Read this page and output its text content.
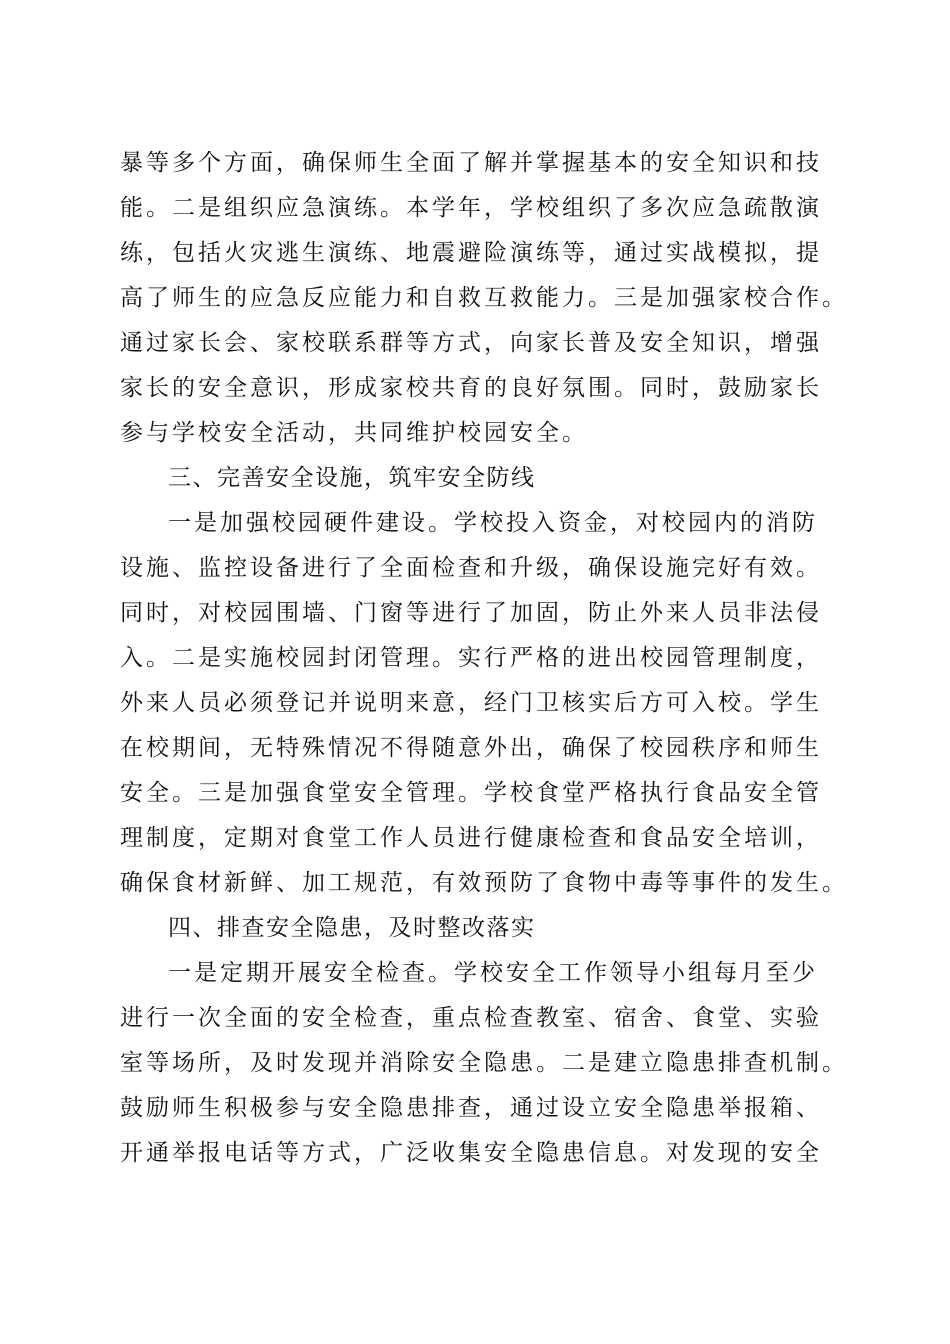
暴等多个方面，确保师生全面了解并掌握基本的安全知识和技
能。二是组织应急演练。本学年，学校组织了多次应急疏散演
练，包括火灾逃生演练、地震避险演练等，通过实战模拟，提
高了师生的应急反应能力和自救互救能力。三是加强家校合作。
通过家长会、家校联系群等方式，向家长普及安全知识，增强
家长的安全意识，形成家校共育的良好氛围。同时，鼓励家长
参与学校安全活动，共同维护校园安全。
三、完善安全设施，筑牢安全防线
一是加强校园硬件建设。学校投入资金，对校园内的消防
设施、监控设备进行了全面检查和升级，确保设施完好有效。
同时，对校园围墙、门窗等进行了加固，防止外来人员非法侵
入。二是实施校园封闭管理。实行严格的进出校园管理制度，
外来人员必须登记并说明来意，经门卫核实后方可入校。学生
在校期间，无特殊情况不得随意外出，确保了校园秩序和师生
安全。三是加强食堂安全管理。学校食堂严格执行食品安全管
理制度，定期对食堂工作人员进行健康检查和食品安全培训，
确保食材新鲜、加工规范，有效预防了食物中毒等事件的发生。
四、排查安全隐患，及时整改落实
一是定期开展安全检查。学校安全工作领导小组每月至少
进行一次全面的安全检查，重点检查教室、宿舍、食堂、实验
室等场所，及时发现并消除安全隐患。二是建立隐患排查机制。
鼓励师生积极参与安全隐患排查，通过设立安全隐患举报箱、
开通举报电话等方式，广泛收集安全隐患信息。对发现的安全
